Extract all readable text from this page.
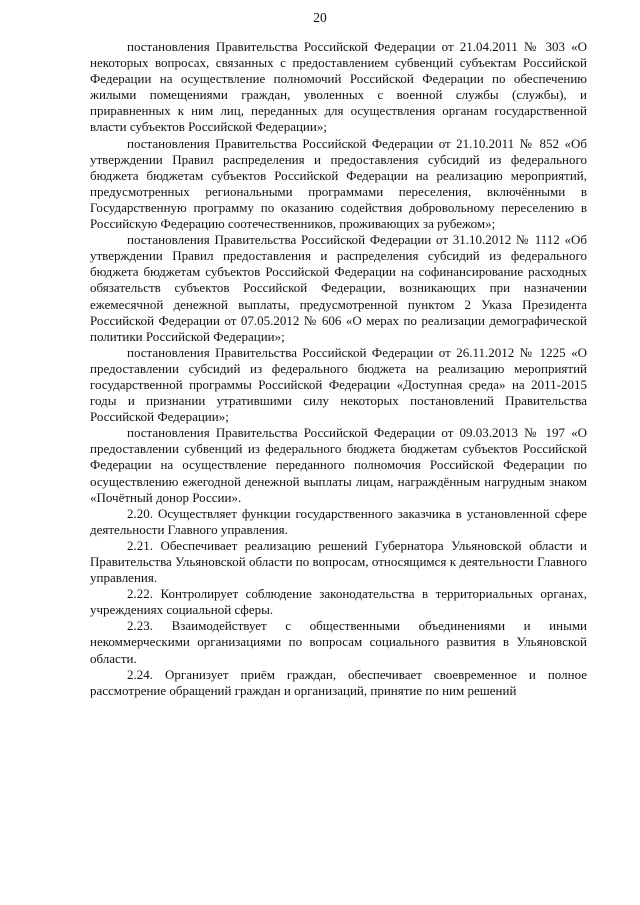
20

постановления Правительства Российской Федерации от 21.04.2011 № 303 «О некоторых вопросах, связанных с предоставлением субвенций субъектам Российской Федерации на осуществление полномочий Российской Федерации по обеспечению жилыми помещениями граждан, уволенных с военной службы (службы), и приравненных к ним лиц, переданных для осуществления органам государственной власти субъектов Российской Федерации»;

постановления Правительства Российской Федерации от 21.10.2011 № 852 «Об утверждении Правил распределения и предоставления субсидий из федерального бюджета бюджетам субъектов Российской Федерации на реализацию мероприятий, предусмотренных региональными программами переселения, включёнными в Государственную программу по оказанию содействия добровольному переселению в Российскую Федерацию соотечественников, проживающих за рубежом»;

постановления Правительства Российской Федерации от 31.10.2012 № 1112 «Об утверждении Правил предоставления и распределения субсидий из федерального бюджета бюджетам субъектов Российской Федерации на софинансирование расходных обязательств субъектов Российской Федерации, возникающих при назначении ежемесячной денежной выплаты, предусмотренной пунктом 2 Указа Президента Российской Федерации от 07.05.2012 № 606 «О мерах по реализации демографической политики Российской Федерации»;

постановления Правительства Российской Федерации от 26.11.2012 № 1225 «О предоставлении субсидий из федерального бюджета на реализацию мероприятий государственной программы Российской Федерации «Доступная среда» на 2011-2015 годы и признании утратившими силу некоторых постановлений Правительства Российской Федерации»;

постановления Правительства Российской Федерации от 09.03.2013 № 197 «О предоставлении субвенций из федерального бюджета бюджетам субъектов Российской Федерации на осуществление переданного полномочия Российской Федерации по осуществлению ежегодной денежной выплаты лицам, награждённым нагрудным знаком «Почётный донор России».

2.20. Осуществляет функции государственного заказчика в установленной сфере деятельности Главного управления.

2.21. Обеспечивает реализацию решений Губернатора Ульяновской области и Правительства Ульяновской области по вопросам, относящимся к деятельности Главного управления.

2.22. Контролирует соблюдение законодательства в территориальных органах, учреждениях социальной сферы.

2.23. Взаимодействует с общественными объединениями и иными некоммерческими организациями по вопросам социального развития в Ульяновской области.

2.24. Организует приём граждан, обеспечивает своевременное и полное рассмотрение обращений граждан и организаций, принятие по ним решений
